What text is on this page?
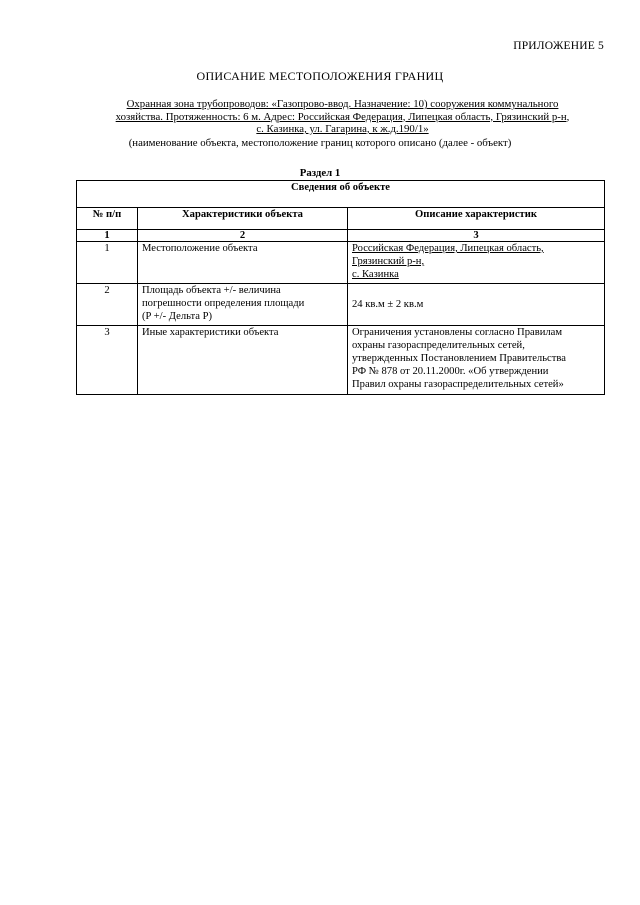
ПРИЛОЖЕНИЕ 5
ОПИСАНИЕ МЕСТОПОЛОЖЕНИЯ ГРАНИЦ
Охранная зона трубопроводов: «Газопрово-ввод. Назначение: 10) сооружения коммунального
хозяйства. Протяженность: 6 м. Адрес: Российская Федерация, Липецкая область, Грязинский р-н,
с. Казинка, ул. Гагарина, к ж.д.190/1»
(наименование объекта, местоположение границ которого описано (далее - объект)
Раздел 1
Сведения об объекте		
№ п/п	Характеристики объекта	Описание характеристик
1	2	3
1	Местоположение объекта	Российская Федерация, Липецкая область,
Грязинский р-н,
с. Казинка

2	Площадь объекта +/- величина
погрешности определения площади
(P +/- Дельта P)	24 кв.м ± 2 кв.м
3	Иные характеристики объекта	Ограничения установлены согласно Правилам
охраны газораспределительных сетей,
утвержденных Постановлением Правительства
РФ № 878 от 20.11.2000г. «Об утверждении
Правил охраны газораспределительных сетей»
